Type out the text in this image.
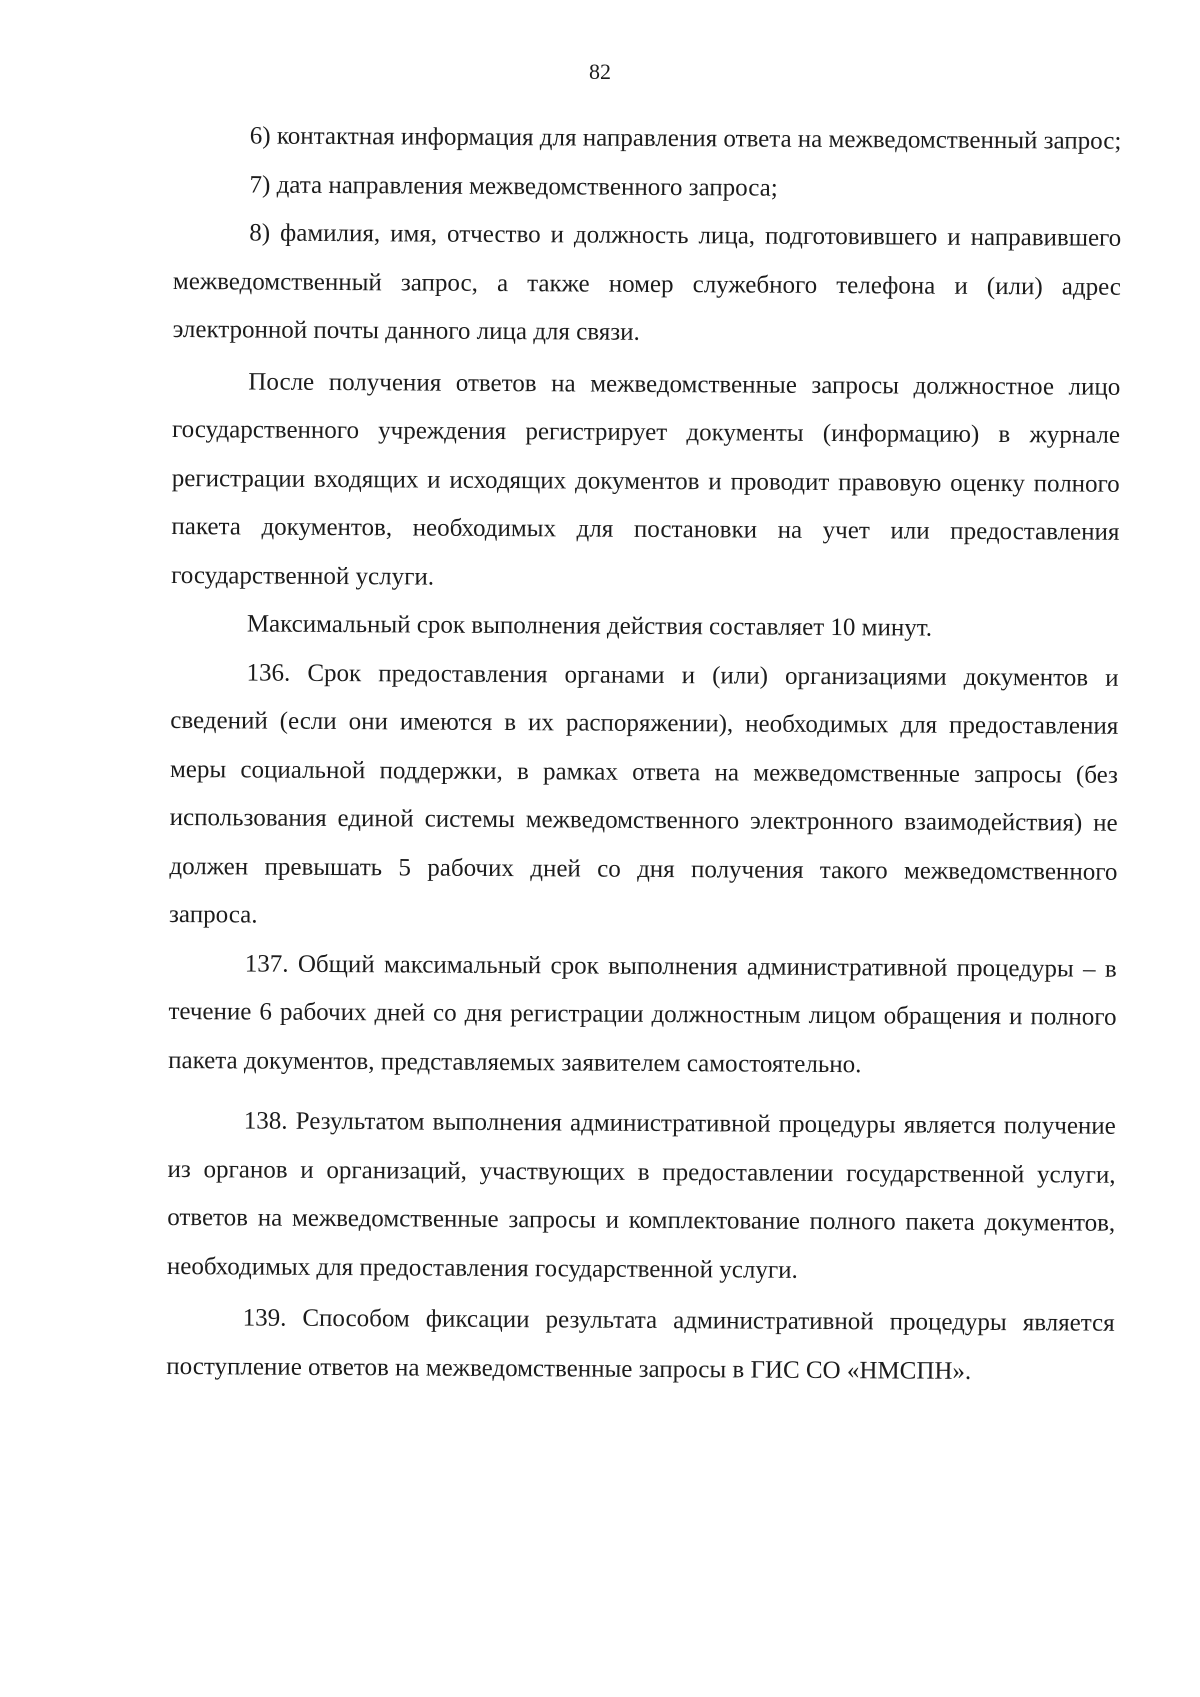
82

6) контактная информация для направления ответа на межведомственный запрос;

7) дата направления межведомственного запроса;

8) фамилия, имя, отчество и должность лица, подготовившего и направившего межведомственный запрос, а также номер служебного телефона и (или) адрес электронной почты данного лица для связи.

После получения ответов на межведомственные запросы должностное лицо государственного учреждения регистрирует документы (информацию) в журнале регистрации входящих и исходящих документов и проводит правовую оценку полного пакета документов, необходимых для постановки на учет или предоставления государственной услуги.

Максимальный срок выполнения действия составляет 10 минут.

136. Срок предоставления органами и (или) организациями документов и сведений (если они имеются в их распоряжении), необходимых для предоставления меры социальной поддержки, в рамках ответа на межведомственные запросы (без использования единой системы межведомственного электронного взаимодействия) не должен превышать 5 рабочих дней со дня получения такого межведомственного запроса.

137. Общий максимальный срок выполнения административной процедуры – в течение 6 рабочих дней со дня регистрации должностным лицом обращения и полного пакета документов, представляемых заявителем самостоятельно.

138. Результатом выполнения административной процедуры является получение из органов и организаций, участвующих в предоставлении государственной услуги, ответов на межведомственные запросы и комплектование полного пакета документов, необходимых для предоставления государственной услуги.

139. Способом фиксации результата административной процедуры является поступление ответов на межведомственные запросы в ГИС СО «НМСПН».
